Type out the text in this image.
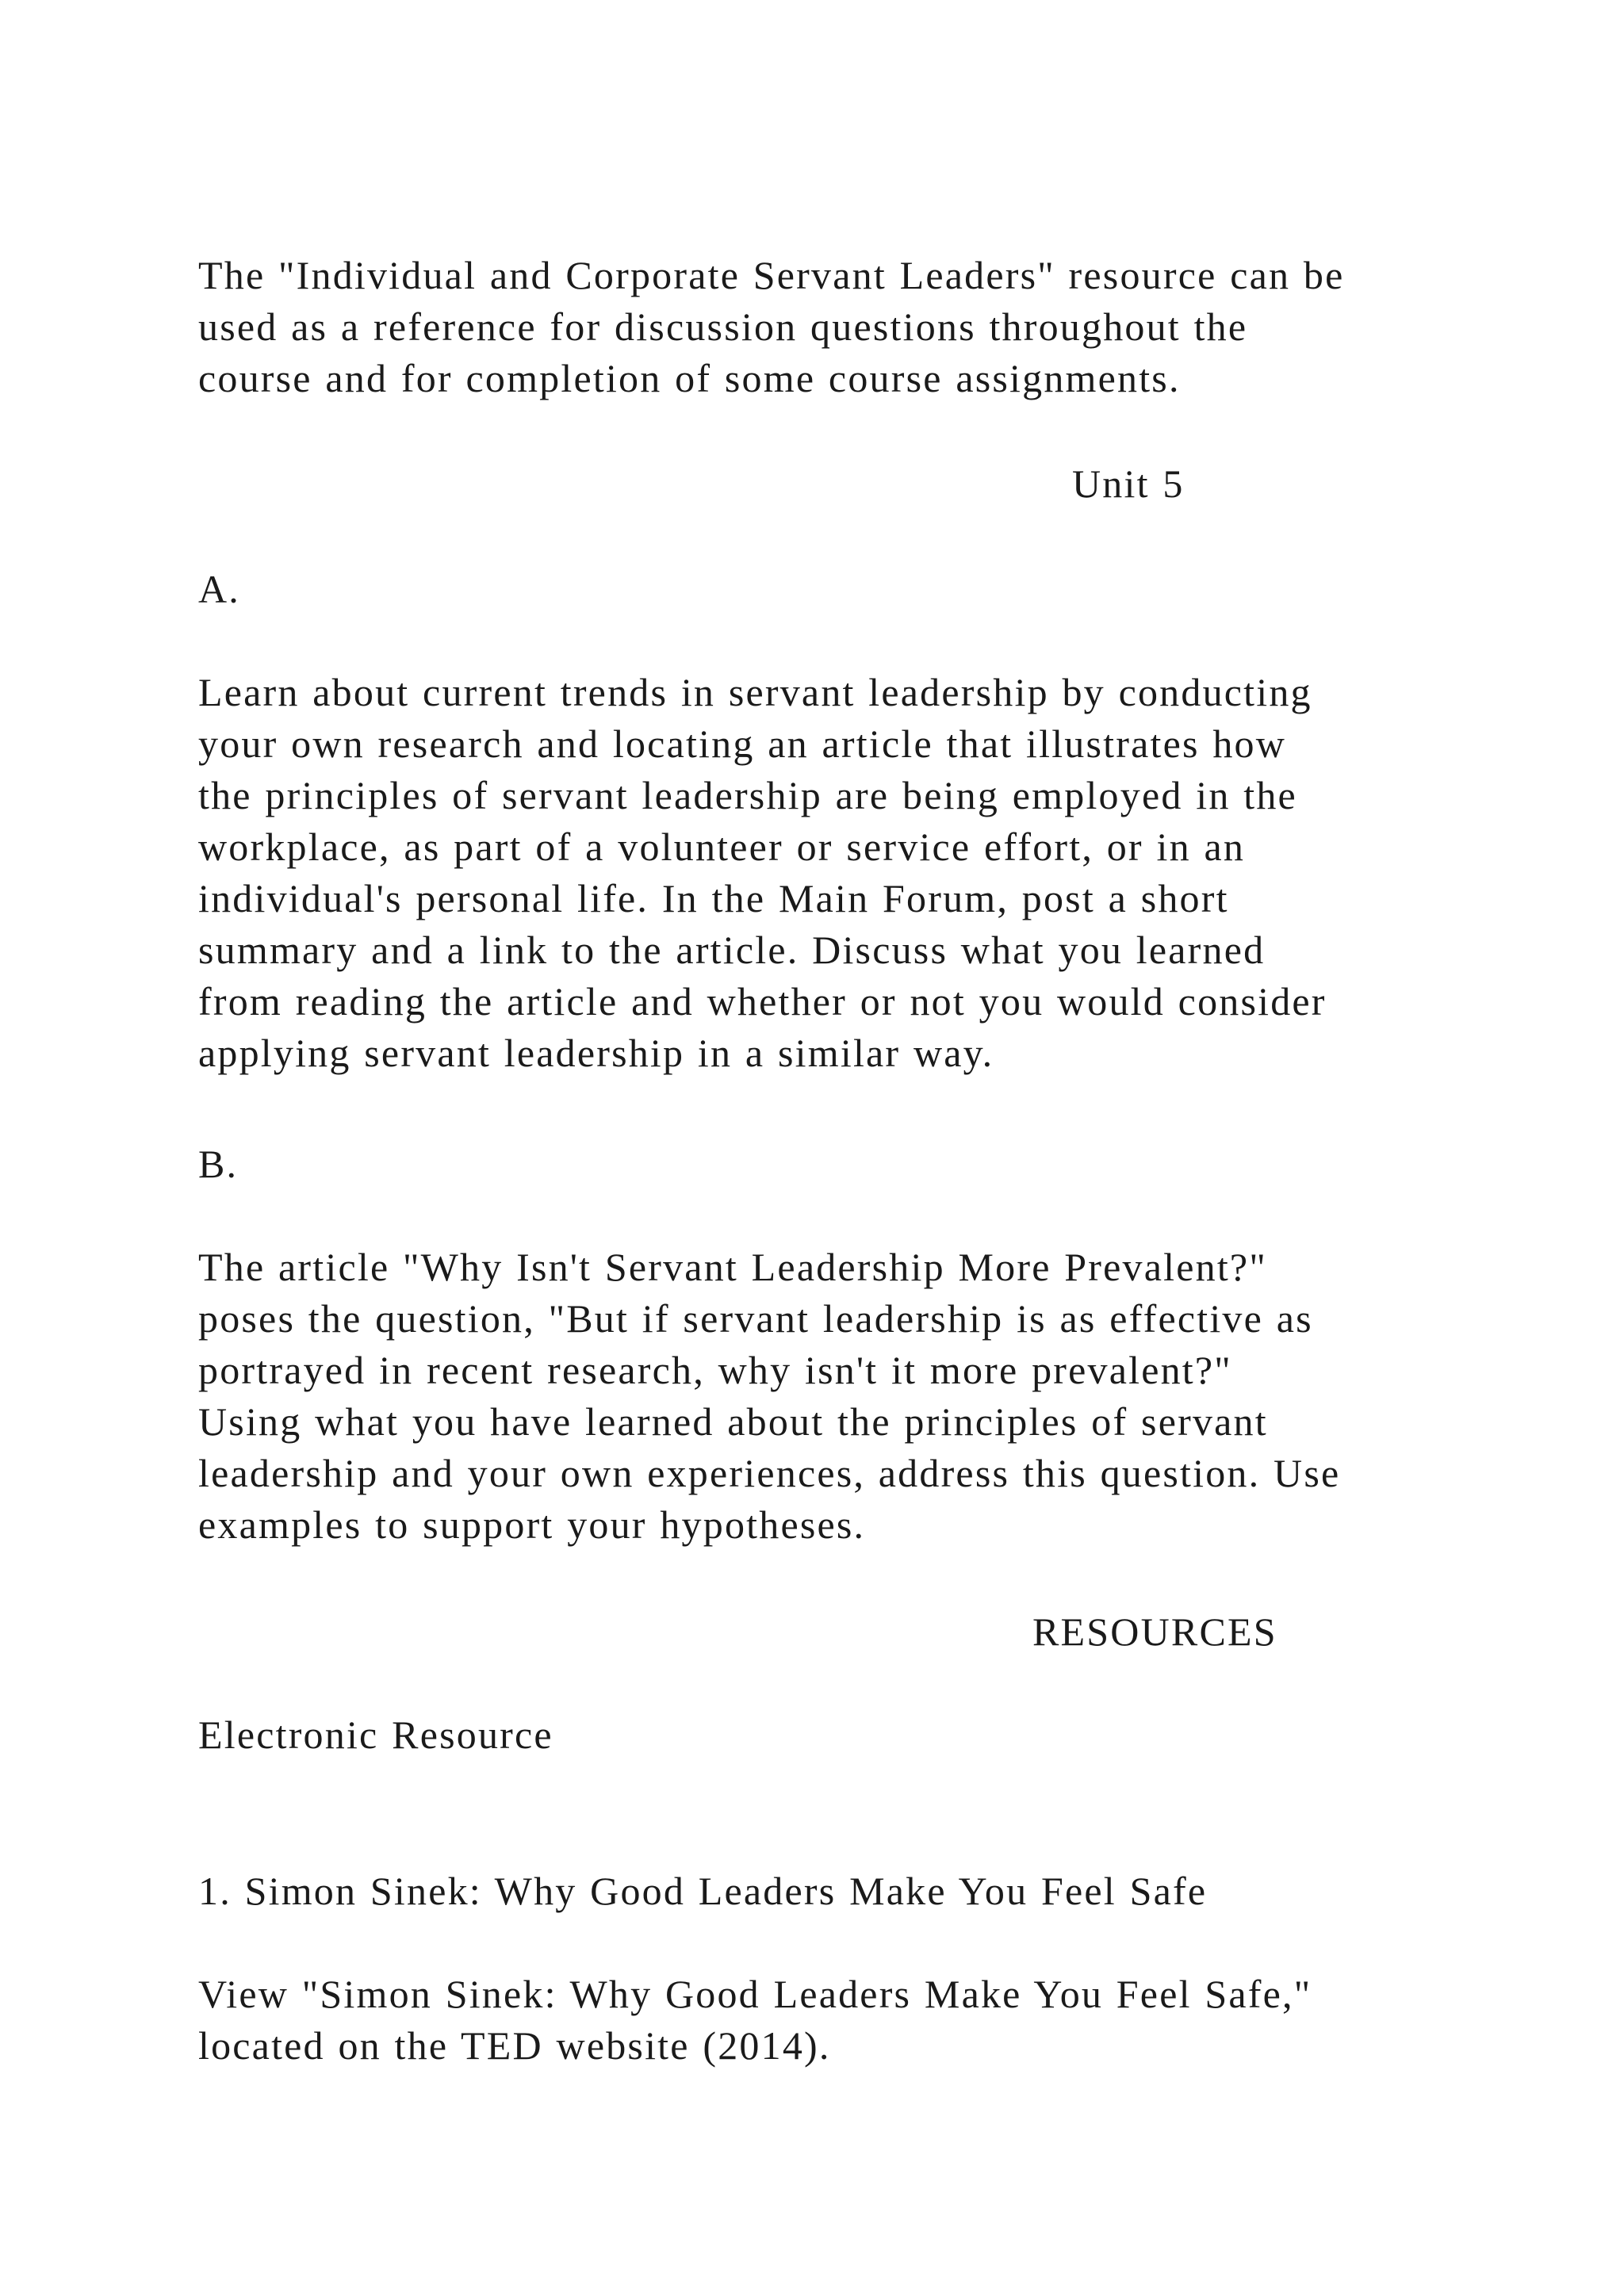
The "Individual and Corporate Servant Leaders" resource can be
used as a reference for discussion questions throughout the
course and for completion of some course assignments.
Unit 5
A.
Learn about current trends in servant leadership by conducting
your own research and locating an article that illustrates how
the principles of servant leadership are being employed in the
workplace, as part of a volunteer or service effort, or in an
individual's personal life. In the Main Forum, post a short
summary and a link to the article. Discuss what you learned
from reading the article and whether or not you would consider
applying servant leadership in a similar way.
B.
The article "Why Isn't Servant Leadership More Prevalent?"
poses the question, "But if servant leadership is as effective as
portrayed in recent research, why isn't it more prevalent?"
Using what you have learned about the principles of servant
leadership and your own experiences, address this question. Use
examples to support your hypotheses.
RESOURCES
Electronic Resource
1. Simon Sinek: Why Good Leaders Make You Feel Safe
View "Simon Sinek: Why Good Leaders Make You Feel Safe,"
located on the TED website (2014).
